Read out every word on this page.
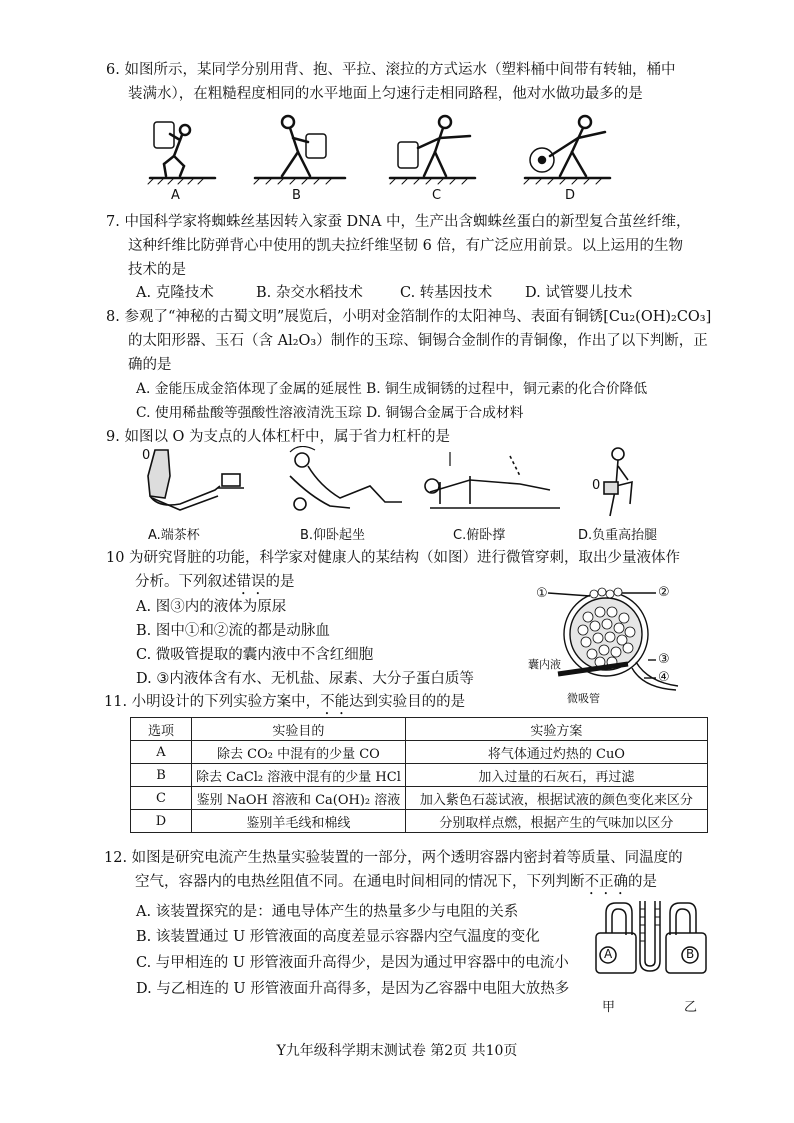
6. 如图所示，某同学分别用背、抱、平拉、滚拉的方式运水（塑料桶中间带有转轴，桶中
装满水），在粗糙程度相同的水平地面上匀速行走相同路程，他对水做功最多的是
A	B	C	D
7. 中国科学家将蜘蛛丝基因转入家蚕 DNA 中，生产出含蜘蛛丝蛋白的新型复合茧丝纤维，
这种纤维比防弹背心中使用的凯夫拉纤维坚韧 6 倍，有广泛应用前景。以上运用的生物
技术的是
A. 克隆技术	B. 杂交水稻技术	C. 转基因技术 D. 试管婴儿技术
8. 参观了“神秘的古蜀文明”展览后，小明对金箔制作的太阳神鸟、表面有铜锈[Cu₂(OH)₂CO₃]
的太阳形器、玉石（含 Al₂O₃）制作的玉琮、铜锡合金制作的青铜像，作出了以下判断，正
确的是
A. 金能压成金箔体现了金属的延展性 B. 铜生成铜锈的过程中，铜元素的化合价降低
C. 使用稀盐酸等强酸性溶液清洗玉琮 D. 铜锡合金属于合成材料
9. 如图以 O 为支点的人体杠杆中，属于省力杠杆的是
0
0
A.端茶杯	B.仰卧起坐	C.俯卧撑	D.负重高抬腿
10 为研究肾脏的功能，科学家对健康人的某结构（如图）进行微管穿刺，取出少量液体作
分析。下列叙述错误的是
A. 图③内的液体为原尿
B. 图中①和②流的都是动脉血
C. 微吸管提取的囊内液中不含红细胞
D. ③内液体含有水、无机盐、尿素、大分子蛋白质等
①	②
③
④
囊内液
微吸管
11. 小明设计的下列实验方案中，不能达到实验目的的是
选项	实验目的	实验方案
A	除去 CO₂ 中混有的少量 CO	将气体通过灼热的 CuO
B	除去 CaCl₂ 溶液中混有的少量 HCl	加入过量的石灰石，再过滤
C	鉴别 NaOH 溶液和 Ca(OH)₂ 溶液	加入紫色石蕊试液，根据试液的颜色变化来区分
D	鉴别羊毛线和棉线	分别取样点燃，根据产生的气味加以区分
12. 如图是研究电流产生热量实验装置的一部分，两个透明容器内密封着等质量、同温度的
空气，容器内的电热丝阻值不同。在通电时间相同的情况下，下列判断不正确的是
A. 该装置探究的是：通电导体产生的热量多少与电阻的关系
B. 该装置通过 U 形管液面的高度差显示容器内空气温度的变化
C. 与甲相连的 U 形管液面升高得少，是因为通过甲容器中的电流小
D. 与乙相连的 U 形管液面升高得多，是因为乙容器中电阻大放热多
A	B
甲	乙
Y九年级科学期末测试卷 第2页 共10页
